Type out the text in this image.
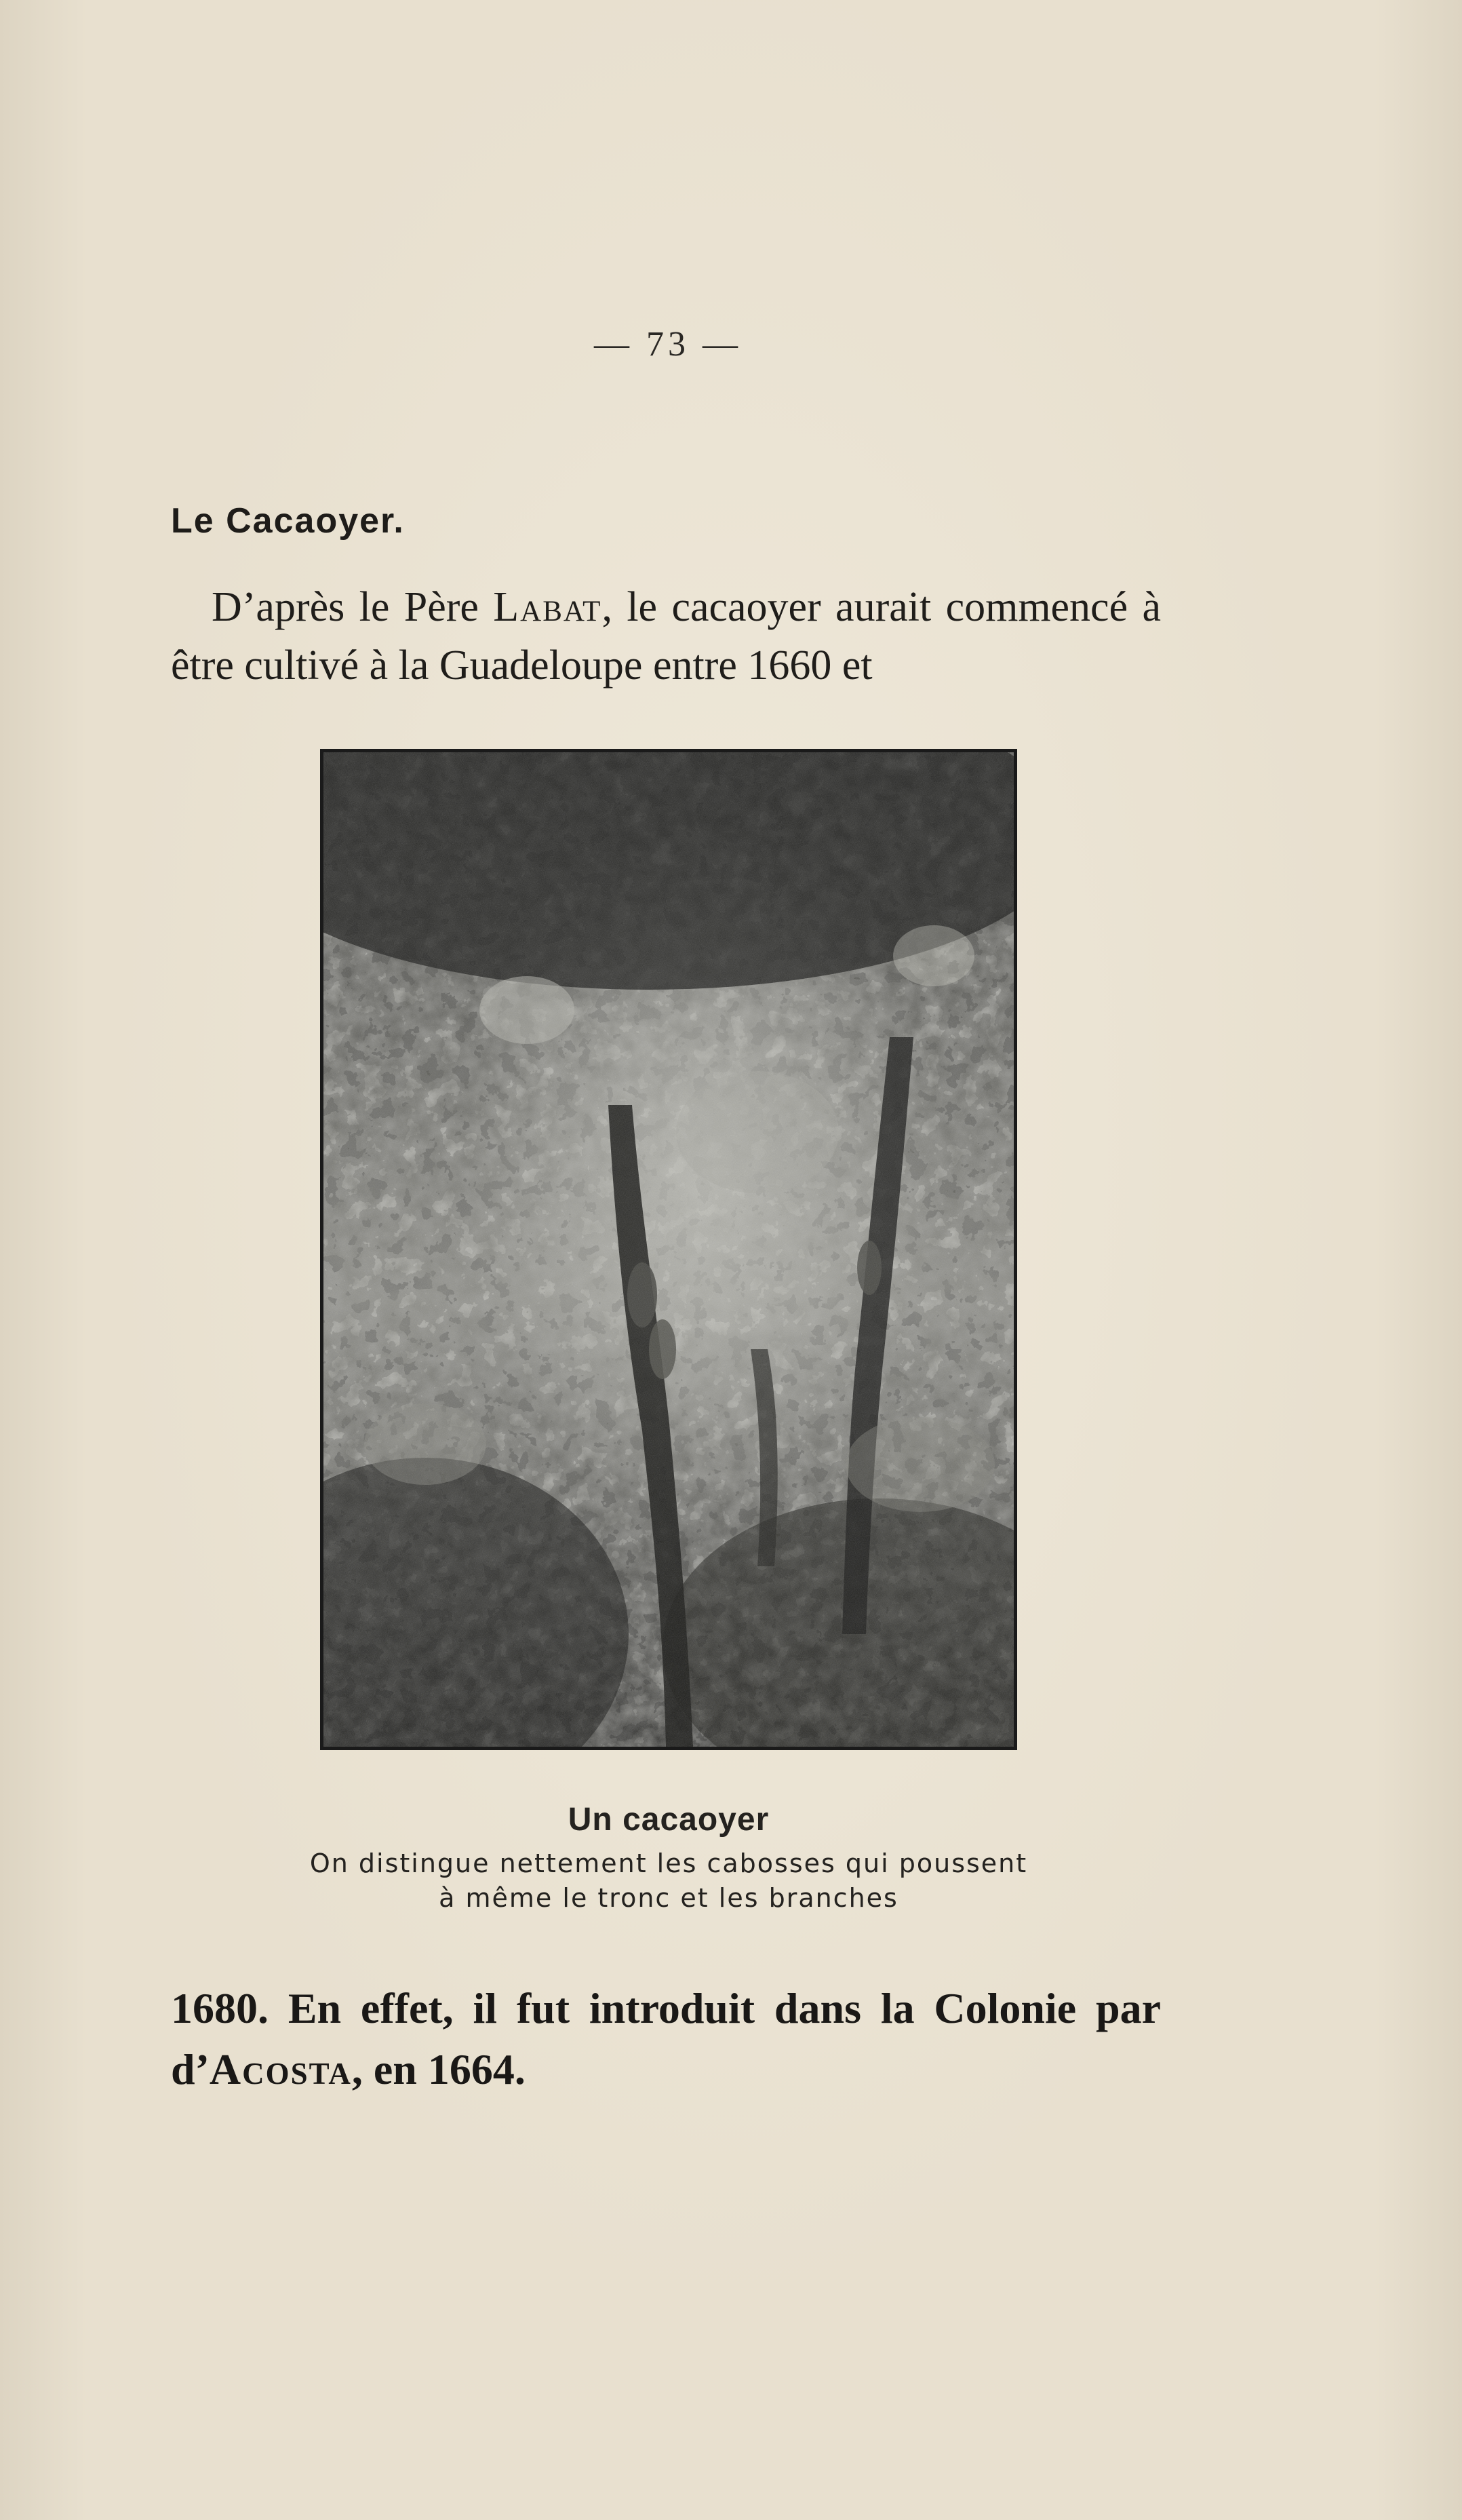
— 73 —
Le Cacaoyer.

D’après le Père Labat, le cacaoyer aurait commencé à être cultivé à la Guadeloupe entre 1660 et

Un cacaoyer
On distingue nettement les cabosses qui poussent
à même le tronc et les branches

1680. En effet, il fut introduit dans la Colonie par d’Acosta, en 1664.
